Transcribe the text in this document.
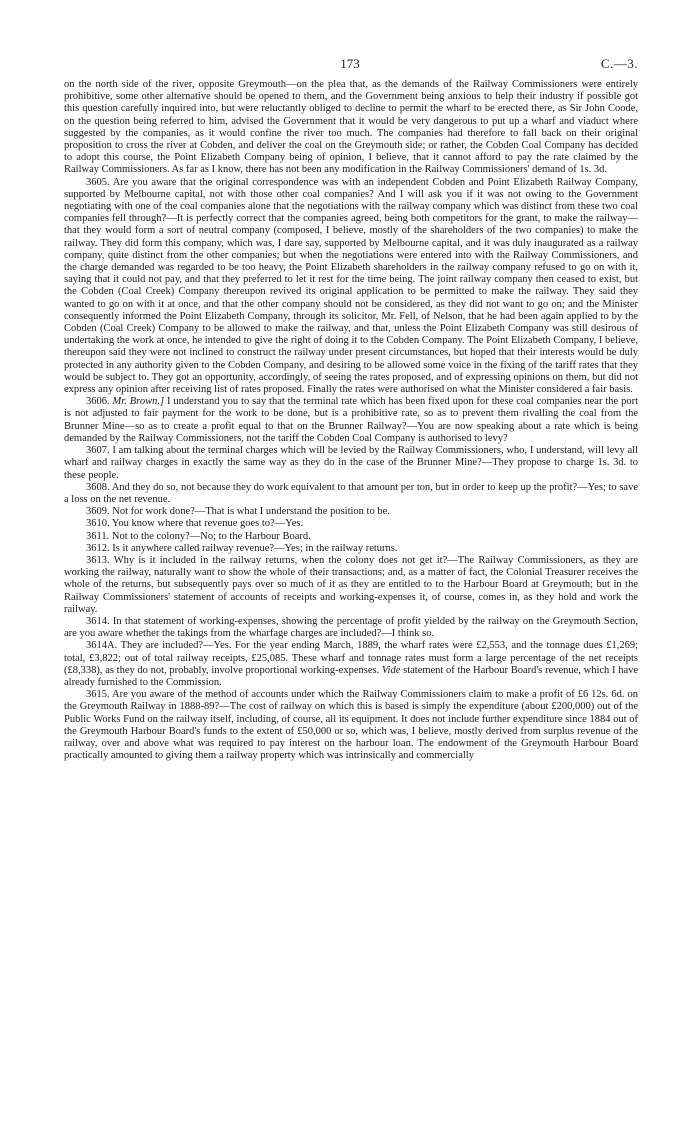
173	C.—3.

on the north side of the river, opposite Greymouth—on the plea that, as the demands of the Railway Commissioners were entirely prohibitive, some other alternative should be opened to them, and the Government being anxious to help their industry if possible got this question carefully inquired into, but were reluctantly obliged to decline to permit the wharf to be erected there, as Sir John Coode, on the question being referred to him, advised the Government that it would be very dangerous to put up a wharf and viaduct where suggested by the companies, as it would confine the river too much. The companies had therefore to fall back on their original proposition to cross the river at Cobden, and deliver the coal on the Greymouth side; or rather, the Cobden Coal Company has decided to adopt this course, the Point Elizabeth Company being of opinion, I believe, that it cannot afford to pay the rate claimed by the Railway Commissioners. As far as I know, there has not been any modification in the Railway Commissioners' demand of 1s. 3d.

3605. Are you aware that the original correspondence was with an independent Cobden and Point Elizabeth Railway Company, supported by Melbourne capital, not with those other coal companies? And I will ask you if it was not owing to the Government negotiating with one of the coal companies alone that the negotiations with the railway company which was distinct from these two coal companies fell through?—It is perfectly correct that the companies agreed, being both competitors for the grant, to make the railway—that they would form a sort of neutral company (composed, I believe, mostly of the shareholders of the two companies) to make the railway. They did form this company, which was, I dare say, supported by Melbourne capital, and it was duly inaugurated as a railway company, quite distinct from the other companies; but when the negotiations were entered into with the Railway Commissioners, and the charge demanded was regarded to be too heavy, the Point Elizabeth shareholders in the railway company refused to go on with it, saying that it could not pay, and that they preferred to let it rest for the time being. The joint railway company then ceased to exist, but the Cobden (Coal Creek) Company thereupon revived its original application to be permitted to make the railway. They said they wanted to go on with it at once, and that the other company should not be considered, as they did not want to go on; and the Minister consequently informed the Point Elizabeth Company, through its solicitor, Mr. Fell, of Nelson, that he had been again applied to by the Cobden (Coal Creek) Company to be allowed to make the railway, and that, unless the Point Elizabeth Company was still desirous of undertaking the work at once, he intended to give the right of doing it to the Cobden Company. The Point Elizabeth Company, I believe, thereupon said they were not inclined to construct the railway under present circumstances, but hoped that their interests would be duly protected in any authority given to the Cobden Company, and desiring to be allowed some voice in the fixing of the tariff rates that they would be subject to. They got an opportunity, accordingly, of seeing the rates proposed, and of expressing opinions on them, but did not express any opinion after receiving list of rates proposed. Finally the rates were authorised on what the Minister considered a fair basis.

3606. Mr. Brown.] I understand you to say that the terminal rate which has been fixed upon for these coal companies near the port is not adjusted to fair payment for the work to be done, but is a prohibitive rate, so as to prevent them rivalling the coal from the Brunner Mine—so as to create a profit equal to that on the Brunner Railway?—You are now speaking about a rate which is being demanded by the Railway Commissioners, not the tariff the Cobden Coal Company is authorised to levy?

3607. I am talking about the terminal charges which will be levied by the Railway Commissioners, who, I understand, will levy all wharf and railway charges in exactly the same way as they do in the case of the Brunner Mine?—They propose to charge 1s. 3d. to these people.

3608. And they do so, not because they do work equivalent to that amount per ton, but in order to keep up the profit?—Yes; to save a loss on the net revenue.

3609. Not for work done?—That is what I understand the position to be.

3610. You know where that revenue goes to?—Yes.

3611. Not to the colony?—No; to the Harbour Board.

3612. Is it anywhere called railway revenue?—Yes; in the railway returns.

3613. Why is it included in the railway returns, when the colony does not get it?—The Railway Commissioners, as they are working the railway, naturally want to show the whole of their transactions; and, as a matter of fact, the Colonial Treasurer receives the whole of the returns, but subsequently pays over so much of it as they are entitled to to the Harbour Board at Greymouth; but in the Railway Commissioners' statement of accounts of receipts and working-expenses it, of course, comes in, as they hold and work the railway.

3614. In that statement of working-expenses, showing the percentage of profit yielded by the railway on the Greymouth Section, are you aware whether the takings from the wharfage charges are included?—I think so.

3614A. They are included?—Yes. For the year ending March, 1889, the wharf rates were £2,553, and the tonnage dues £1,269; total, £3,822; out of total railway receipts, £25,085. These wharf and tonnage rates must form a large percentage of the net receipts (£8,338), as they do not, probably, involve proportional working-expenses. Vide statement of the Harbour Board's revenue, which I have already furnished to the Commission.

3615. Are you aware of the method of accounts under which the Railway Commissioners claim to make a profit of £6 12s. 6d. on the Greymouth Railway in 1888-89?—The cost of railway on which this is based is simply the expenditure (about £200,000) out of the Public Works Fund on the railway itself, including, of course, all its equipment. It does not include further expenditure since 1884 out of the Greymouth Harbour Board's funds to the extent of £50,000 or so, which was, I believe, mostly derived from surplus revenue of the railway, over and above what was required to pay interest on the harbour loan. The endowment of the Greymouth Harbour Board practically amounted to giving them a railway property which was intrinsically and commercially
